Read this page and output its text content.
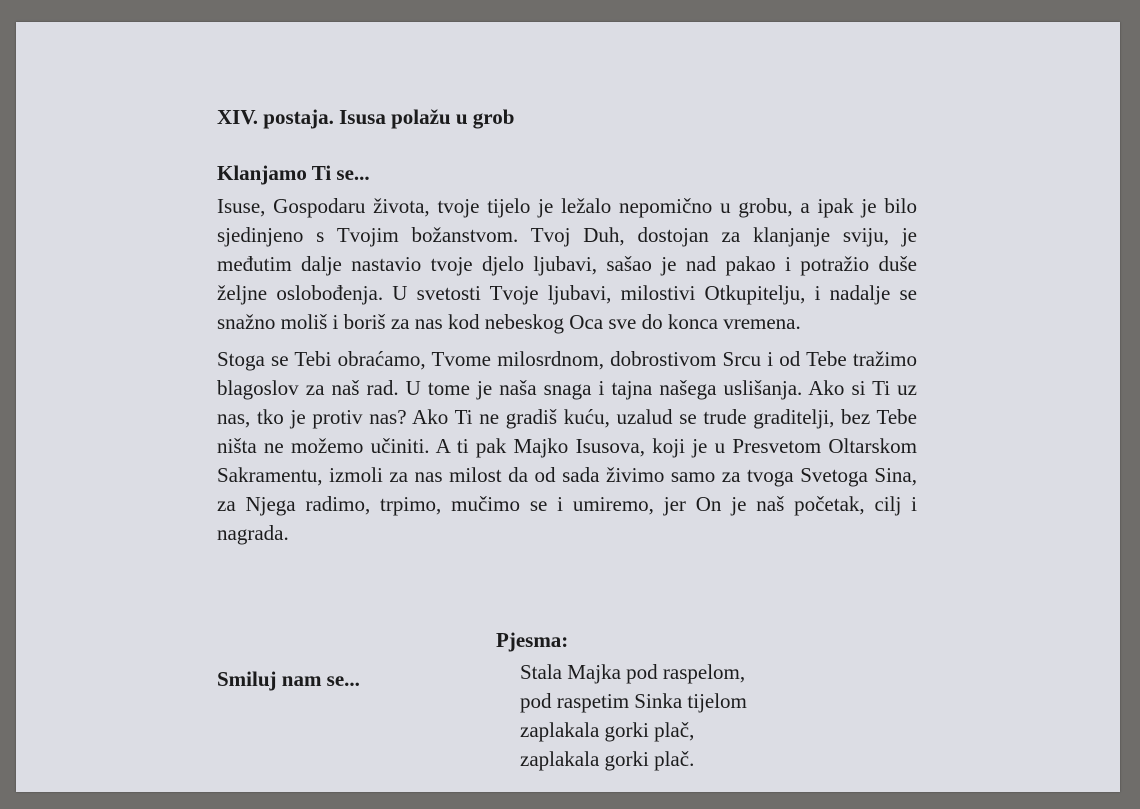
XIV. postaja. Isusa polažu u grob
Klanjamo Ti se...

Isuse, Gospodaru života, tvoje tijelo je ležalo nepomično u grobu, a ipak je bilo sjedinjeno s Tvojim božanstvom. Tvoj Duh, dostojan za klanjanje sviju, je međutim dalje nastavio tvoje djelo ljubavi, sašao je nad pakao i potražio duše željne oslobođenja. U svetosti Tvoje ljubavi, milostivi Otkupitelju, i nadalje se snažno moliš i boriš za nas kod nebeskog Oca sve do konca vremena.

Stoga se Tebi obraćamo, Tvome milosrdnom, dobrostivom Srcu i od Tebe tražimo blagoslov za naš rad. U tome je naša snaga i tajna našega uslišanja. Ako si Ti uz nas, tko je protiv nas? Ako Ti ne gradiš kuću, uzalud se trude graditelji, bez Tebe ništa ne možemo učiniti. A ti pak Majko Isusova, koji je u Presvetom Oltarskom Sakramentu, izmoli za nas milost da od sada živimo samo za tvoga Svetoga Sina, za Njega radimo, trpimo, mučimo se i umiremo, jer On je naš početak, cilj i nagrada.

Smiluj nam se...
Pjesma:
Stala Majka pod raspelom,
pod raspetim Sinka tijelom
zaplakala gorki plač,
zaplakala gorki plač.
